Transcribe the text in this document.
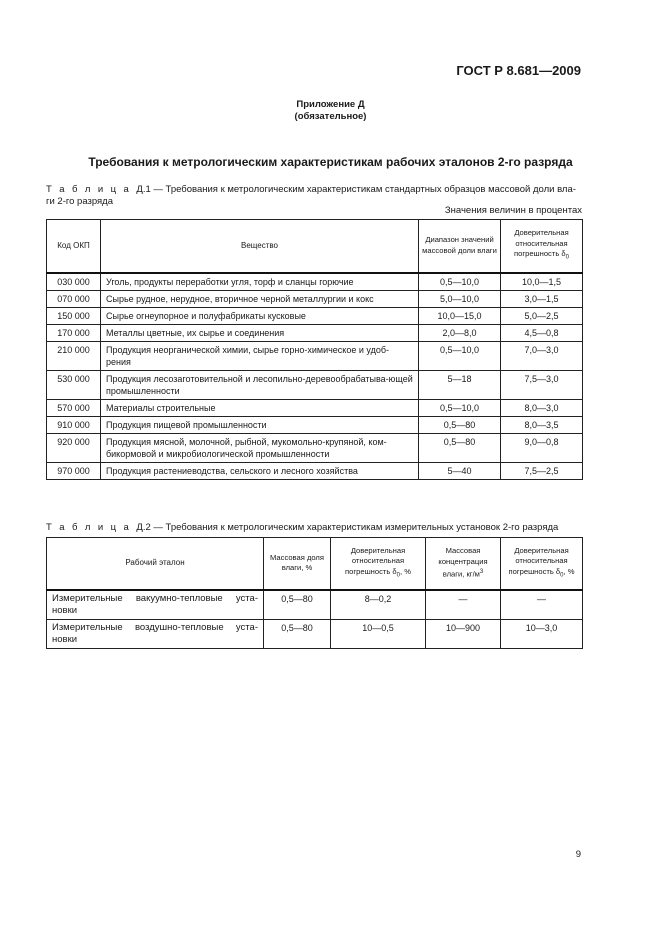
ГОСТ Р 8.681—2009
Приложение Д
(обязательное)
Требования к метрологическим характеристикам рабочих эталонов 2-го разряда
Т а б л и ц а Д.1 — Требования к метрологическим характеристикам стандартных образцов массовой доли вла-
ги 2-го разряда
Значения величин в процентах
Код ОКП	Вещество	Диапазон значений массовой доли влаги	Доверительная относительная погрешность $\delta_0$
030 000	Уголь, продукты переработки угля, торф и сланцы горючие	0,5—10,0	10,0—1,5
070 000	Сырье рудное, нерудное, вторичное черной металлургии и кокс	5,0—10,0	3,0—1,5
150 000	Сырье огнеупорное и полуфабрикаты кусковые	10,0—15,0	5,0—2,5
170 000	Металлы цветные, их сырье и соединения	2,0—8,0	4,5—0,8
210 000	Продукция неорганической химии, сырье горно-химическое и удоб-рения	0,5—10,0	7,0—3,0
530 000	Продукция лесозаготовительной и лесопильно-деревообрабатыва-ющей промышленности	5—18	7,5—3,0
570 000	Материалы строительные	0,5—10,0	8,0—3,0
910 000	Продукция пищевой промышленности	0,5—80	8,0—3,5
920 000	Продукция мясной, молочной, рыбной, мукомольно-крупяной, ком-бикормовой и микробиологической промышленности	0,5—80	9,0—0,8
970 000	Продукция растениеводства, сельского и лесного хозяйства	5—40	7,5—2,5
Т а б л и ц а Д.2 — Требования к метрологическим характеристикам измерительных установок 2-го разряда
Рабочий эталон	Массовая доля влаги, %	Доверительная относительная погрешность $\delta_0$, %	Массовая концентрация влаги, $кг/м^3$	Доверительная относительная погрешность $\delta_0$, %
Измерительные вакуумно-тепловые уста-новки	0,5—80	8—0,2	—	—
Измерительные воздушно-тепловые уста-новки	0,5—80	10—0,5	10—900	10—3,0
9
